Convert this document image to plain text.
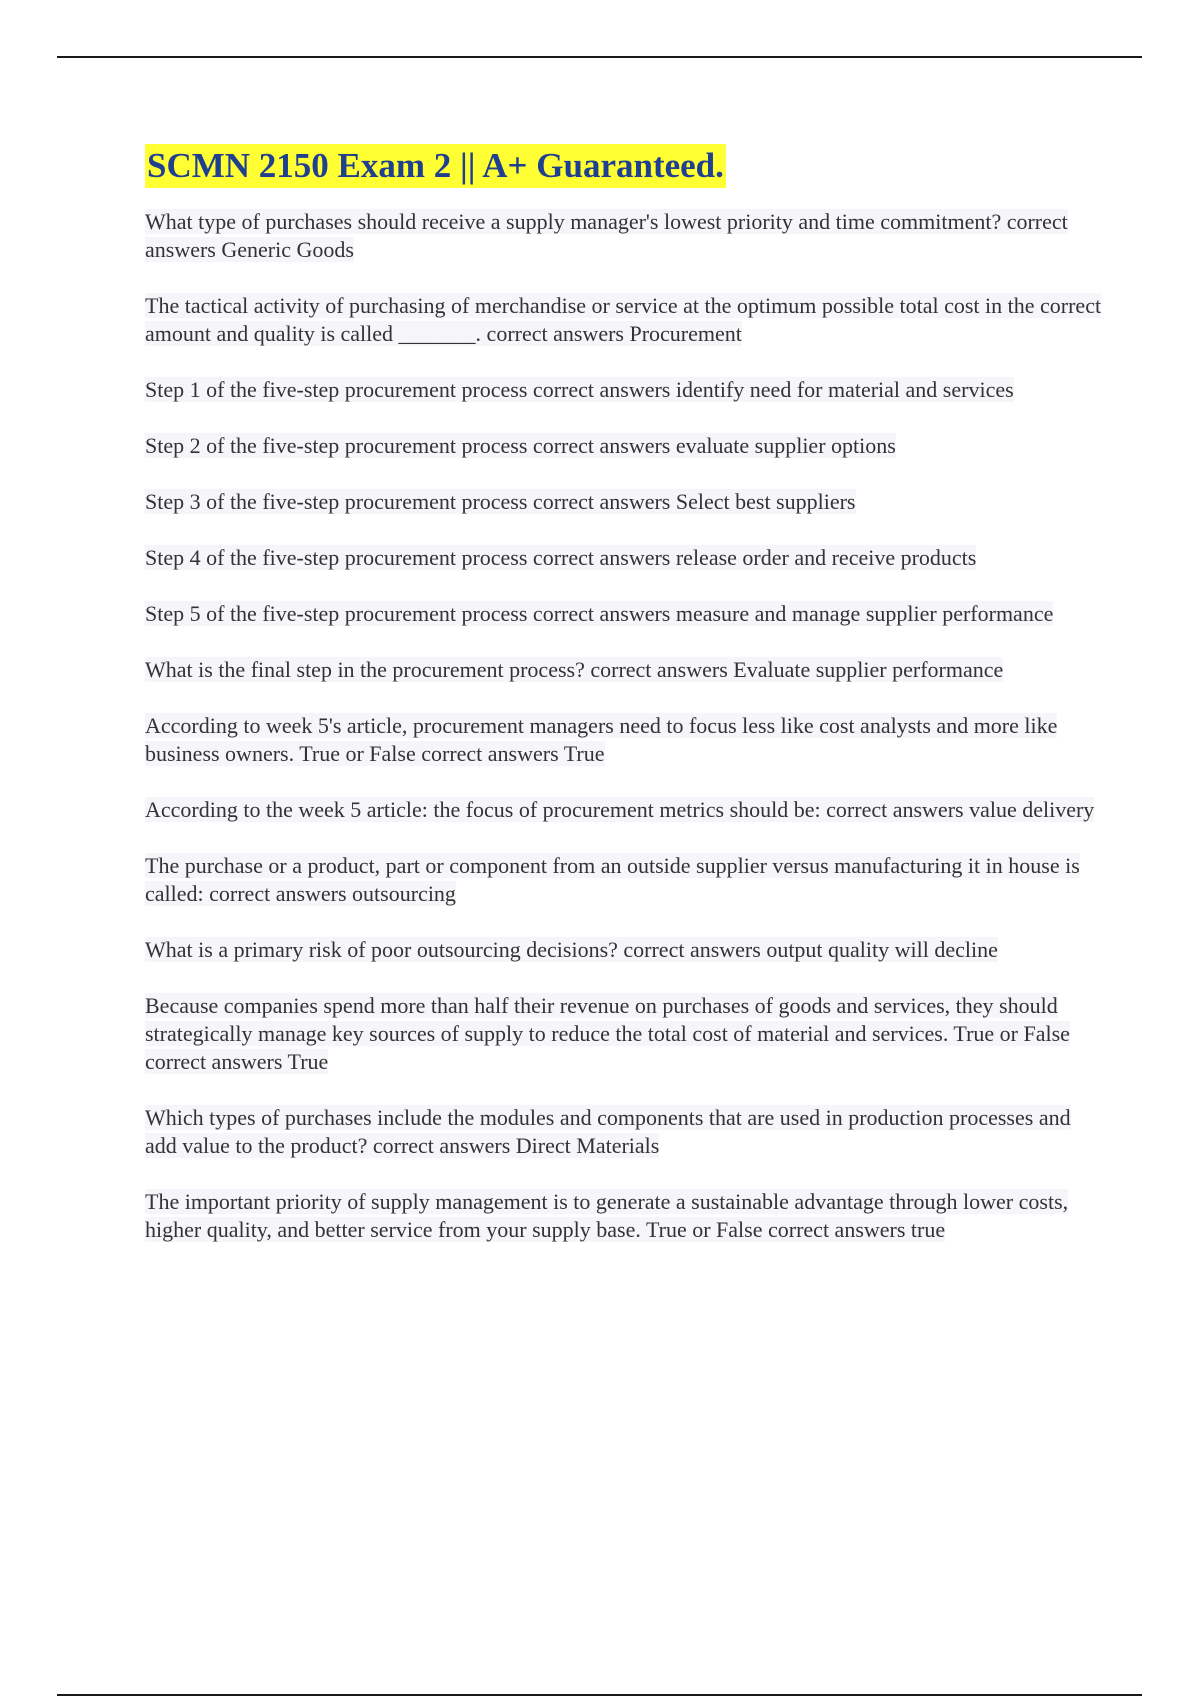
SCMN 2150 Exam 2 || A+ Guaranteed.
What type of purchases should receive a supply manager's lowest priority and time commitment? correct answers Generic Goods
The tactical activity of purchasing of merchandise or service at the optimum possible total cost in the correct amount and quality is called _______. correct answers Procurement
Step 1 of the five-step procurement process correct answers identify need for material and services
Step 2 of the five-step procurement process correct answers evaluate supplier options
Step 3 of the five-step procurement process correct answers Select best suppliers
Step 4 of the five-step procurement process correct answers release order and receive products
Step 5 of the five-step procurement process correct answers measure and manage supplier performance
What is the final step in the procurement process? correct answers Evaluate supplier performance
According to week 5's article, procurement managers need to focus less like cost analysts and more like business owners. True or False correct answers True
According to the week 5 article: the focus of procurement metrics should be: correct answers value delivery
The purchase or a product, part or component from an outside supplier versus manufacturing it in house is called: correct answers outsourcing
What is a primary risk of poor outsourcing decisions? correct answers output quality will decline
Because companies spend more than half their revenue on purchases of goods and services, they should strategically manage key sources of supply to reduce the total cost of material and services. True or False correct answers True
Which types of purchases include the modules and components that are used in production processes and add value to the product? correct answers Direct Materials
The important priority of supply management is to generate a sustainable advantage through lower costs, higher quality, and better service from your supply base. True or False correct answers true
